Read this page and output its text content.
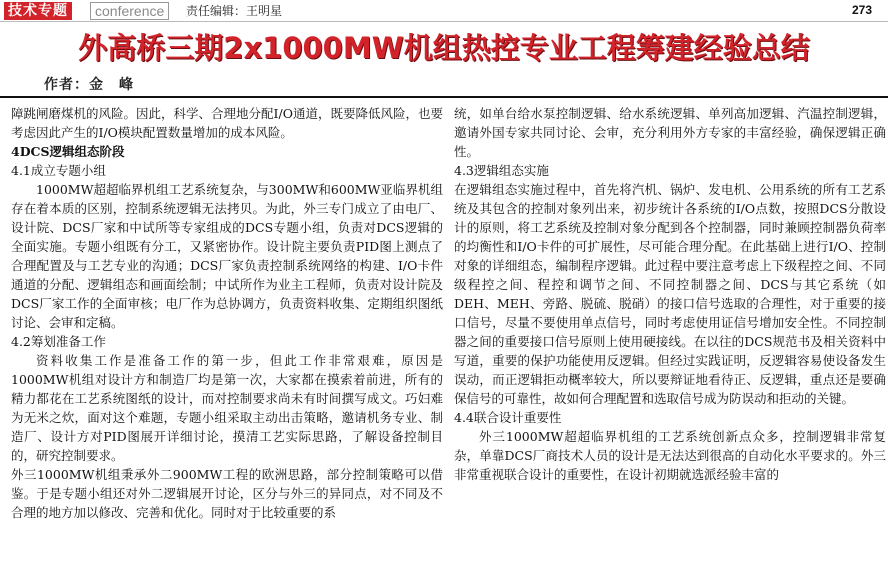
技术专题	conference	责任编辑：王明星	273
外高桥三期2x1000MW机组热控专业工程筹建经验总结
作者：金　峰

障跳闸磨煤机的风险。因此，科学、合理地分配I/O通道，既要降低风险，也要考虑因此产生的I/O模块配置数量增加的成本风险。

4DCS逻辑组态阶段

4.1成立专题小组

1000MW超超临界机组工艺系统复杂，与300MW和600MW亚临界机组存在着本质的区别，控制系统逻辑无法拷贝。为此，外三专门成立了由电厂、设计院、DCS厂家和中试所等专家组成的DCS专题小组，负责对DCS逻辑的全面实施。专题小组既有分工，又紧密协作。设计院主要负责PID图上测点了合理配置及与工艺专业的沟通；DCS厂家负责控制系统网络的构建、I/O卡件通道的分配、逻辑组态和画面绘制；中试所作为业主工程师，负责对设计院及DCS厂家工作的全面审核；电厂作为总协调方，负责资料收集、定期组织图纸讨论、会审和定稿。

4.2筹划准备工作

资料收集工作是准备工作的第一步，但此工作非常艰难，原因是1000MW机组对设计方和制造厂均是第一次，大家都在摸索着前进，所有的精力都花在工艺系统图纸的设计，而对控制要求尚未有时间撰写成文。巧妇难为无米之炊，面对这个难题，专题小组采取主动出击策略，邀请机务专业、制造厂、设计方对PID图展开详细讨论，摸清工艺实际思路，了解设备控制目的，研究控制要求。

外三1000MW机组秉承外二900MW工程的欧洲思路，部分控制策略可以借鉴。于是专题小组还对外二逻辑展开讨论，区分与外三的异同点，对不同及不合理的地方加以修改、完善和优化。同时对于比较重要的系

统，如单台给水泵控制逻辑、给水系统逻辑、单列高加逻辑、汽温控制逻辑，邀请外国专家共同讨论、会审，充分利用外方专家的丰富经验，确保逻辑正确性。

4.3逻辑组态实施

在逻辑组态实施过程中，首先将汽机、锅炉、发电机、公用系统的所有工艺系统及其包含的控制对象列出来，初步统计各系统的I/O点数，按照DCS分散设计的原则，将工艺系统及控制对象分配到各个控制器，同时兼顾控制器负荷率的均衡性和I/O卡件的可扩展性，尽可能合理分配。在此基础上进行I/O、控制对象的详细组态，编制程序逻辑。此过程中要注意考虑上下级程控之间、不同级程控之间、程控和调节之间、不同控制器之间、DCS与其它系统（如DEH、MEH、旁路、脱硫、脱硝）的接口信号选取的合理性，对于重要的接口信号，尽量不要使用单点信号，同时考虑使用证信号增加安全性。不同控制器之间的重要接口信号原则上使用硬接线。在以往的DCS规范书及相关资料中写道，重要的保护功能使用反逻辑。但经过实践证明，反逻辑容易使设备发生误动，而正逻辑拒动概率较大，所以要辩证地看待正、反逻辑，重点还是要确保信号的可靠性，故如何合理配置和选取信号成为防误动和拒动的关键。

4.4联合设计重要性

外三1000MW超超临界机组的工艺系统创新点众多，控制逻辑非常复杂，单靠DCS厂商技术人员的设计是无法达到很高的自动化水平要求的。外三非常重视联合设计的重要性，在设计初期就选派经验丰富的
